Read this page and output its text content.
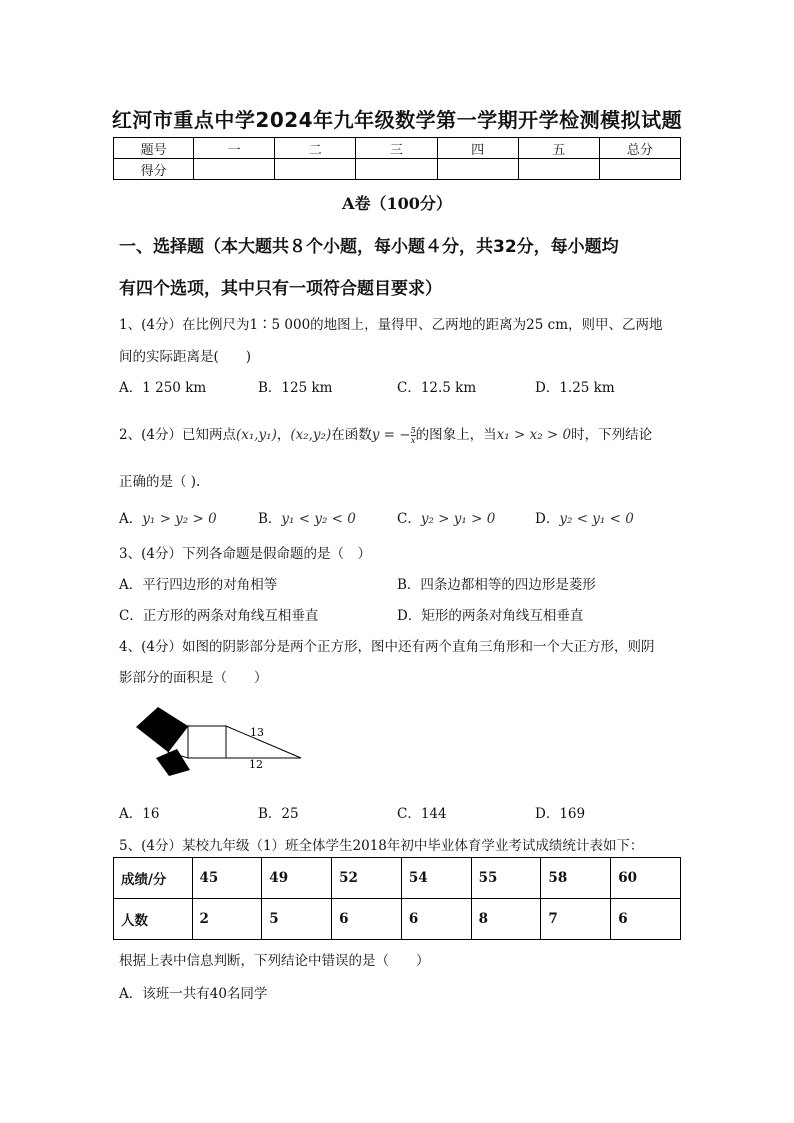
红河市重点中学2024年九年级数学第一学期开学检测模拟试题
题号	一	二	三	四	五	总分
得分						
A卷（100分）
一、选择题（本大题共８个小题，每小题４分，共32分，每小题均
有四个选项，其中只有一项符合题目要求）
1、(4分）在比例尺为1∶5 000的地图上，量得甲、乙两地的距离为25 cm，则甲、乙两地
间的实际距离是(　　)
A．1 250 km	B．125 km	C．12.5 km	D．1.25 km
2、(4分）已知两点(x₁,y₁)，(x₂,y₂)在函数y = − $\frac{5}{x}$ 的图象上，当x₁ > x₂ > 0时，下列结论
正确的是（ ).
A．y₁ > y₂ > 0	B．y₁ < y₂ < 0	C．y₂ > y₁ > 0	D．y₂ < y₁ < 0
3、(4分）下列各命题是假命题的是（　）
A．平行四边形的对角相等	B．四条边都相等的四边形是菱形
C．正方形的两条对角线互相垂直	D．矩形的两条对角线互相垂直
4、(4分）如图的阴影部分是两个正方形，图中还有两个直角三角形和一个大正方形，则阴
影部分的面积是（　　）
13
12
A．16	B．25	C．144	D．169
5、(4分）某校九年级（1）班全体学生2018年初中毕业体育学业考试成绩统计表如下：
成绩/分	45	49	52	54	55	58	60
人数	2	5	6	6	8	7	6
根据上表中信息判断，下列结论中错误的是（　　）
A．该班一共有40名同学
